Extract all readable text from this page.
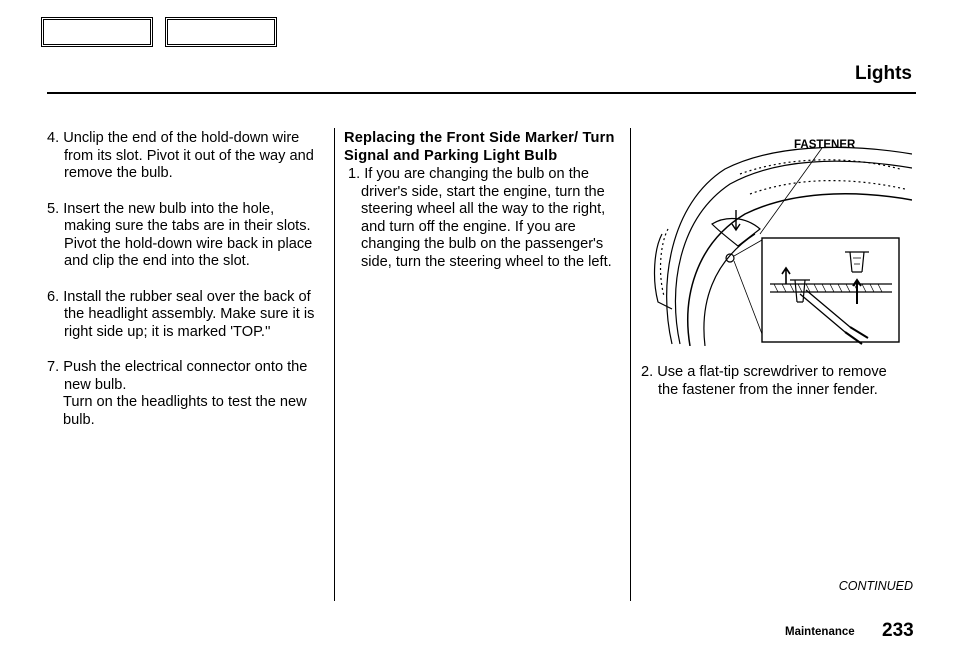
Lights

4. Unclip the end of the hold-down wire from its slot. Pivot it out of the way and remove the bulb.

5. Insert the new bulb into the hole, making sure the tabs are in their slots. Pivot the hold-down wire back in place and clip the end into the slot.

6. Install the rubber seal over the back of the headlight assembly. Make sure it is right side up; it is marked 'TOP.''

7. Push the electrical connector onto the new bulb.
Turn on the headlights to test the new bulb.

Replacing the Front Side Marker/ Turn Signal and Parking Light Bulb

1. If you are changing the bulb on the driver's side, start the engine, turn the steering wheel all the way to the right, and turn off the engine. If you are changing the bulb on the passenger's side, turn the steering wheel to the left.

FASTENER

2. Use a flat-tip screwdriver to remove the fastener from the inner fender.

CONTINUED
Maintenance 233
